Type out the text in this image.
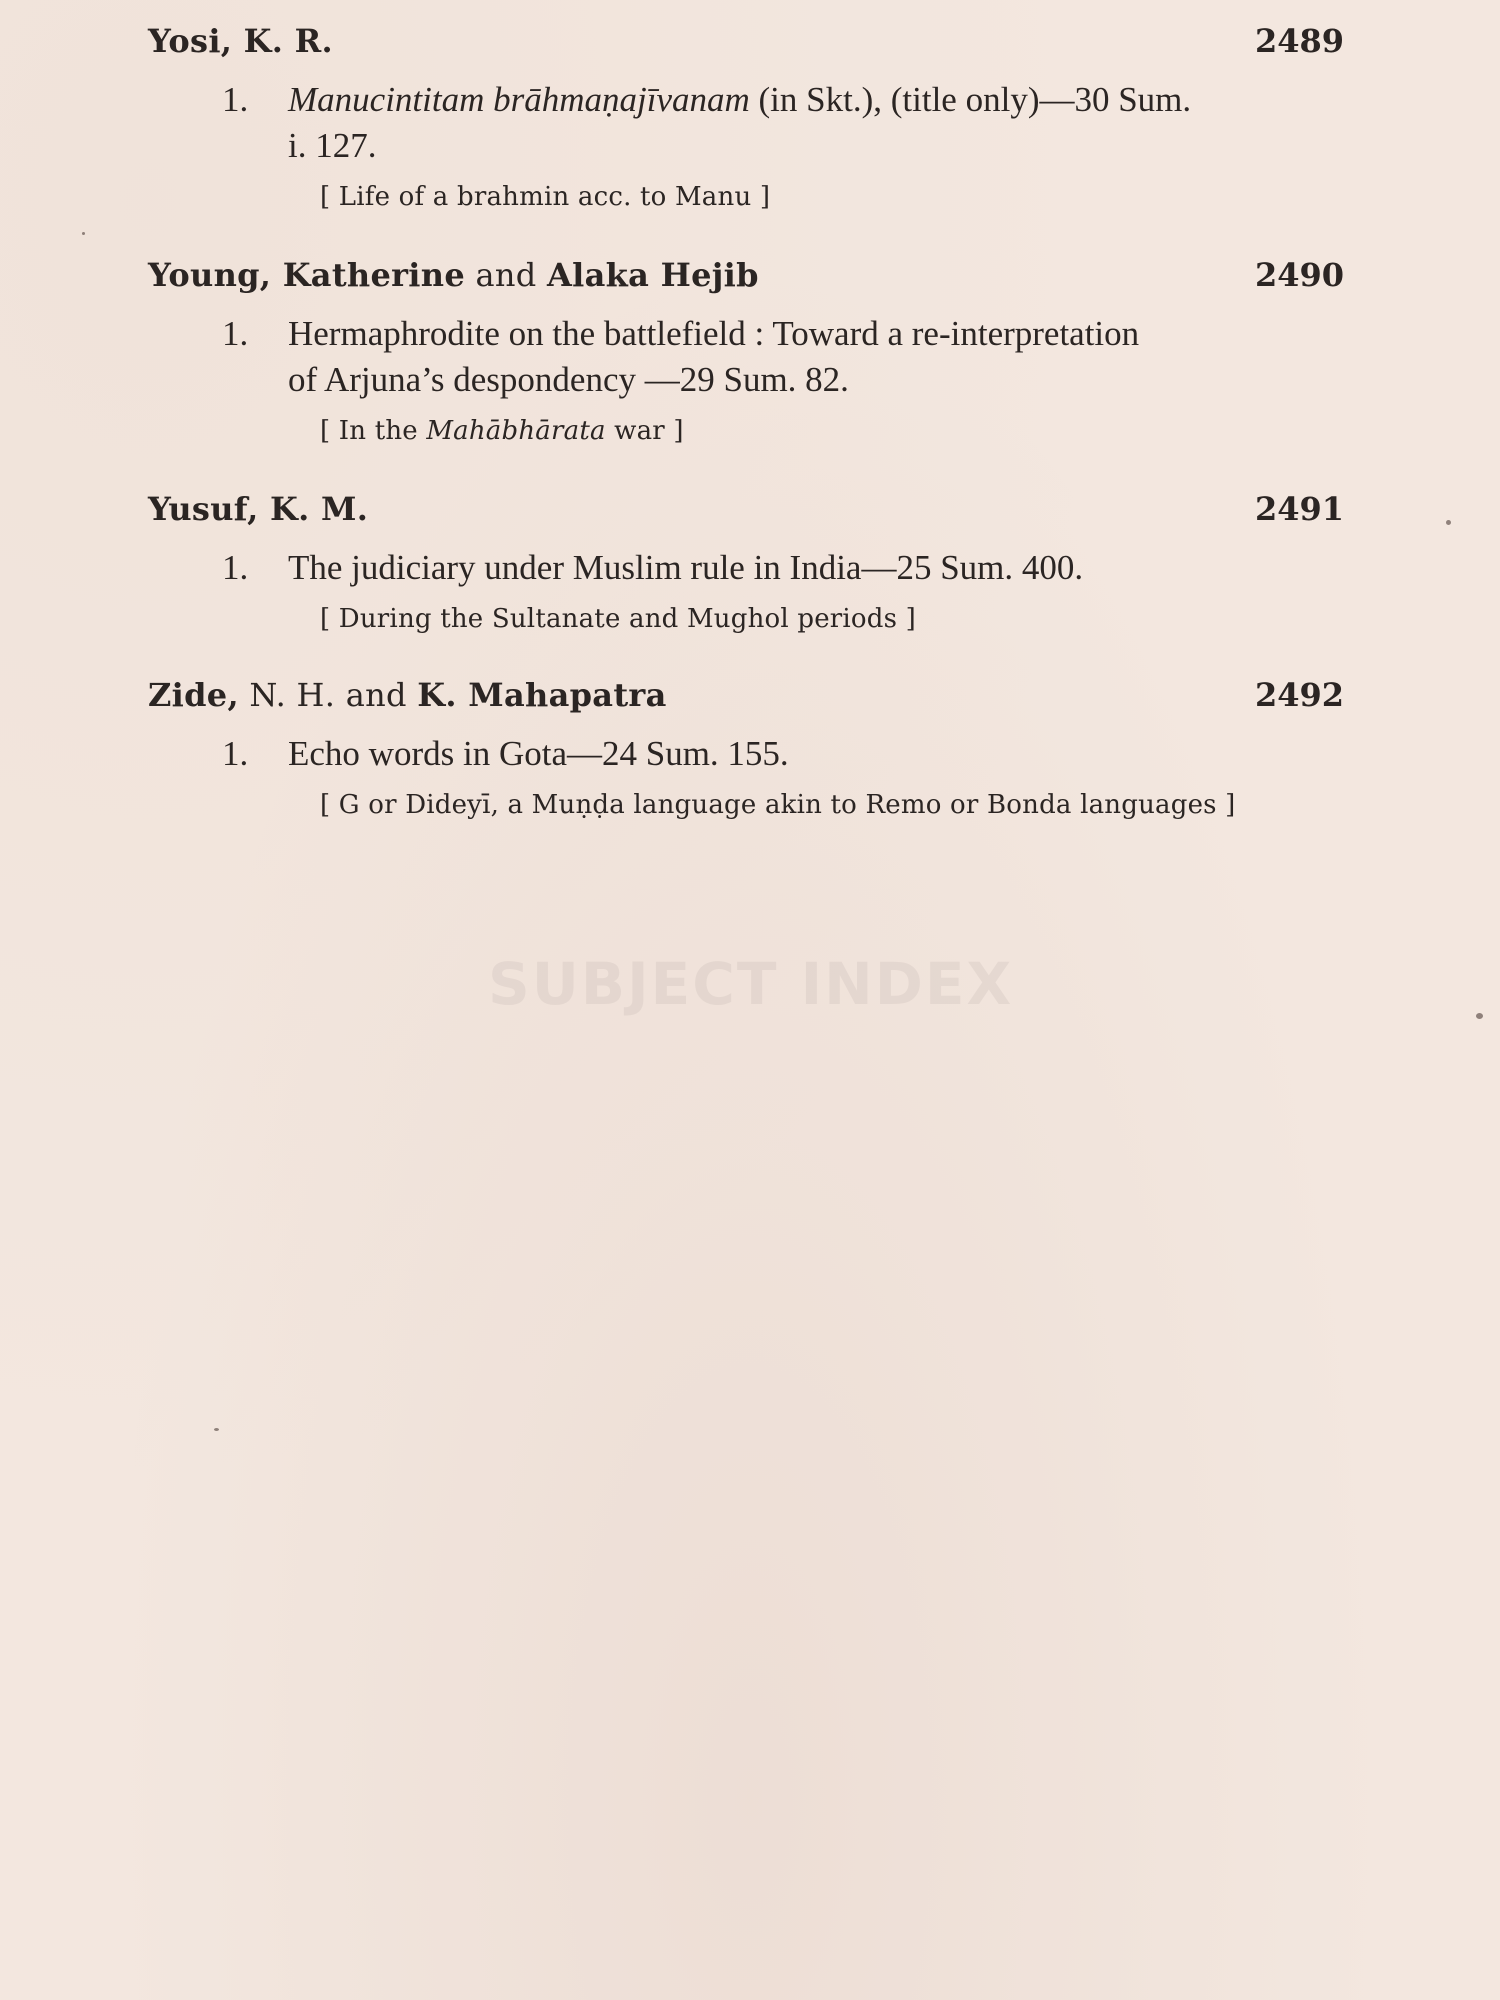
Yosi, K. R.	2489
1. Manucintitam brāhmaṇajīvanam (in Skt.), (title only)—30 Sum.
i. 127.
[ Life of a brahmin acc. to Manu ]
Young, Katherine and Alaka Hejib	2490
1. Hermaphrodite on the battlefield : Toward a re-interpretation
of Arjuna’s despondency —29 Sum. 82.
[ In the Mahābhārata war ]
Yusuf, K. M.	2491
1. The judiciary under Muslim rule in India—25 Sum. 400.
[ During the Sultanate and Mughol periods ]
Zide, N. H. and K. Mahapatra	2492
1. Echo words in Gota—24 Sum. 155.
[ G or Dideyī, a Muṇḍa language akin to Remo or Bonda languages ]
SUBJECT INDEX
